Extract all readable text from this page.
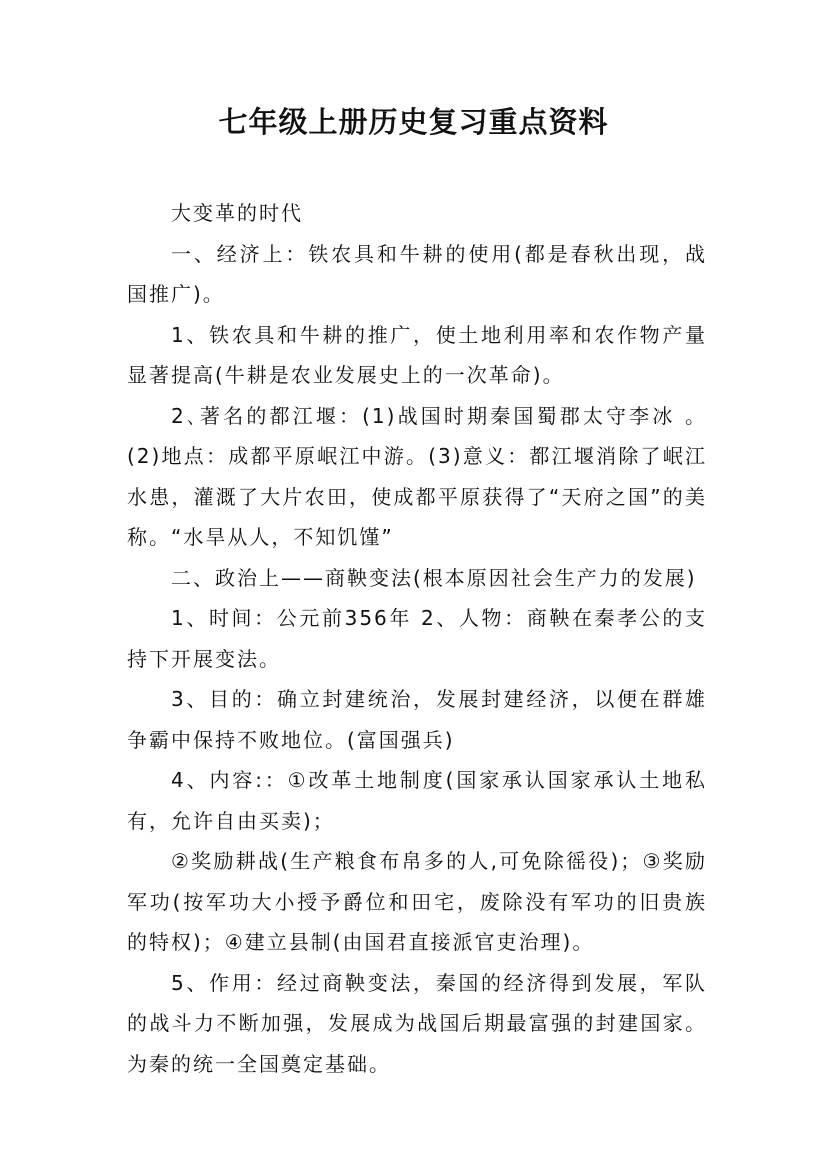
七年级上册历史复习重点资料

大变革的时代

一、经济上：铁农具和牛耕的使用(都是春秋出现，战国推广)。

1、铁农具和牛耕的推广，使土地利用率和农作物产量显著提高(牛耕是农业发展史上的一次革命)。

2､著名的都江堰：(1)战国时期秦国蜀郡太守李冰 。(2)地点：成都平原岷江中游。(3)意义：都江堰消除了岷江水患，灌溉了大片农田，使成都平原获得了“天府之国”的美称。“水旱从人，不知饥馑”

二、政治上——商鞅变法(根本原因社会生产力的发展)

1、时间：公元前356年 2、人物：商鞅在秦孝公的支持下开展变法。

3、目的：确立封建统治，发展封建经济，以便在群雄争霸中保持不败地位。(富国强兵)

4、内容:：①改革土地制度(国家承认国家承认土地私有，允许自由买卖)；

②奖励耕战(生产粮食布帛多的人,可免除徭役)；③奖励军功(按军功大小授予爵位和田宅，废除没有军功的旧贵族的特权)；④建立县制(由国君直接派官吏治理)。

5、作用：经过商鞅变法，秦国的经济得到发展，军队的战斗力不断加强，发展成为战国后期最富强的封建国家。为秦的统一全国奠定基础。
